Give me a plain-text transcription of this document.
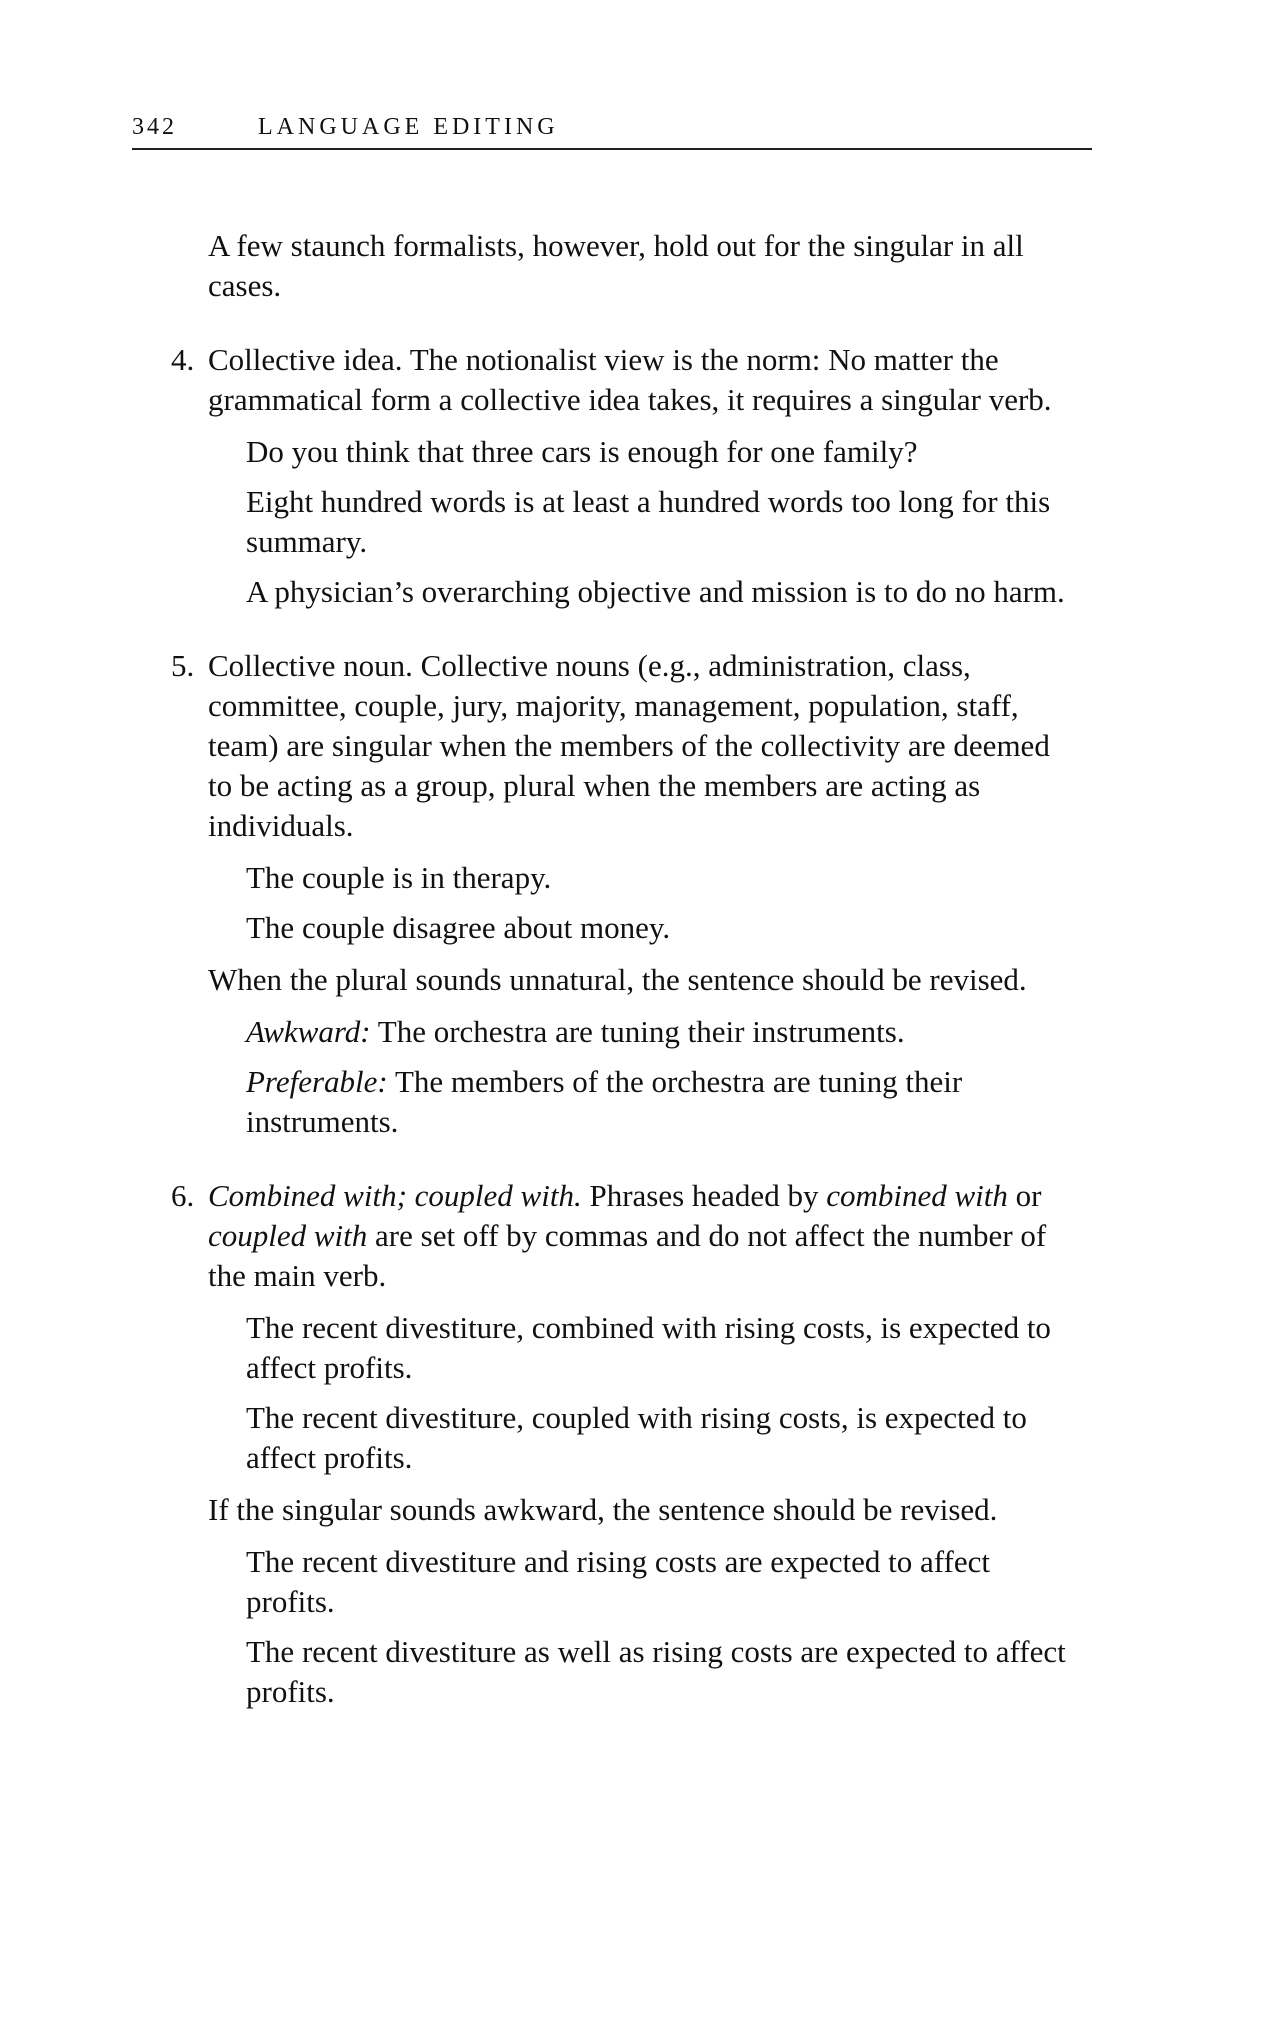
342	LANGUAGE EDITING

A few staunch formalists, however, hold out for the singular in all cases.

4. Collective idea. The notionalist view is the norm: No matter the grammatical form a collective idea takes, it requires a singular verb.

Do you think that three cars is enough for one family?

Eight hundred words is at least a hundred words too long for this summary.

A physician’s overarching objective and mission is to do no harm.

5. Collective noun. Collective nouns (e.g., administration, class, committee, couple, jury, majority, management, population, staff, team) are singular when the members of the collectivity are deemed to be acting as a group, plural when the members are acting as individuals.

The couple is in therapy.

The couple disagree about money.

When the plural sounds unnatural, the sentence should be revised.

Awkward: The orchestra are tuning their instruments.

Preferable: The members of the orchestra are tuning their instruments.

6. Combined with; coupled with. Phrases headed by combined with or coupled with are set off by commas and do not affect the number of the main verb.

The recent divestiture, combined with rising costs, is expected to affect profits.

The recent divestiture, coupled with rising costs, is expected to affect profits.

If the singular sounds awkward, the sentence should be revised.

The recent divestiture and rising costs are expected to affect profits.

The recent divestiture as well as rising costs are expected to affect profits.
